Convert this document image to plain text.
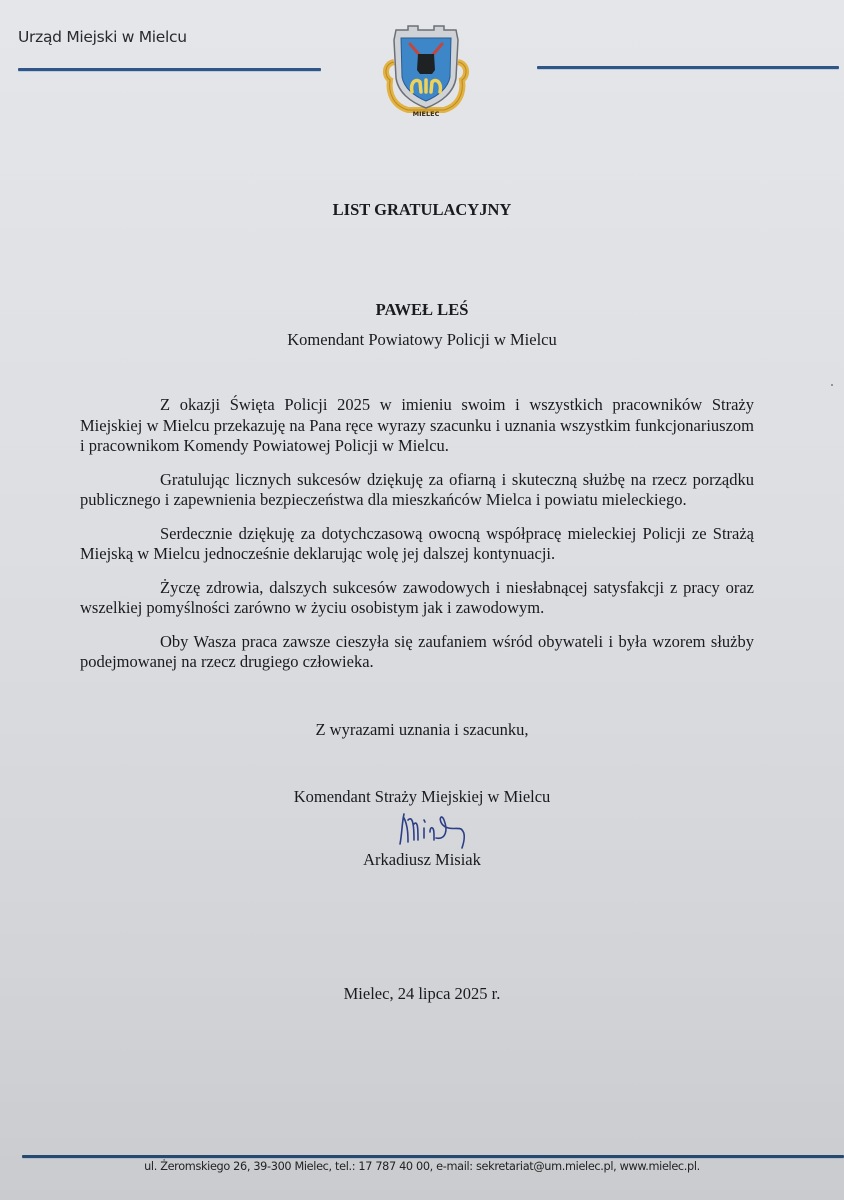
Urząd Miejski w Mielcu
MIELEC
LIST GRATULACYJNY
PAWEŁ LEŚ
Komendant Powiatowy Policji w Mielcu

Z okazji Święta Policji 2025 w imieniu swoim i wszystkich pracowników Straży Miejskiej w Mielcu przekazuję na Pana ręce wyrazy szacunku i uznania wszystkim funkcjonariuszom i pracownikom Komendy Powiatowej Policji w Mielcu.

Gratulując licznych sukcesów dziękuję za ofiarną i skuteczną służbę na rzecz porządku publicznego i zapewnienia bezpieczeństwa dla mieszkańców Mielca i powiatu mieleckiego.

Serdecznie dziękuję za dotychczasową owocną współpracę mieleckiej Policji ze Strażą Miejską w Mielcu jednocześnie deklarując wolę jej dalszej kontynuacji.

Życzę zdrowia, dalszych sukcesów zawodowych i niesłabnącej satysfakcji z pracy oraz wszelkiej pomyślności zarówno w życiu osobistym jak i zawodowym.

Oby Wasza praca zawsze cieszyła się zaufaniem wśród obywateli i była wzorem służby podejmowanej na rzecz drugiego człowieka.

Z wyrazami uznania i szacunku,
Komendant Straży Miejskiej w Mielcu
Arkadiusz Misiak
Mielec, 24 lipca 2025 r.
ul. Żeromskiego 26, 39-300 Mielec, tel.: 17 787 40 00, e-mail: sekretariat@um.mielec.pl, www.mielec.pl.
